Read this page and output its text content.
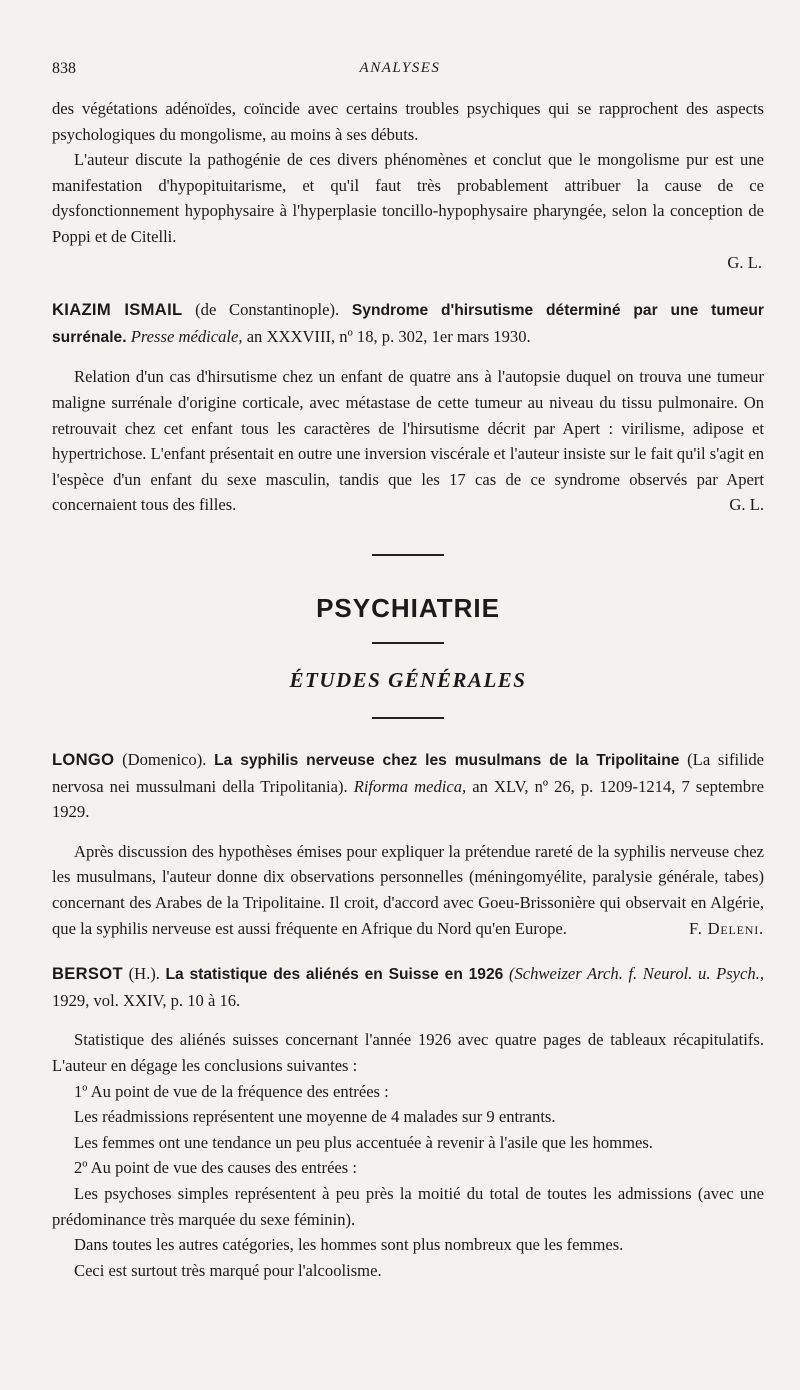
838	ANALYSES

des végétations adénoïdes, coïncide avec certains troubles psychiques qui se rapprochent des aspects psychologiques du mongolisme, au moins à ses débuts.

L'auteur discute la pathogénie de ces divers phénomènes et conclut que le mongolisme pur est une manifestation d'hypopituitarisme, et qu'il faut très probablement attribuer la cause de ce dysfonctionnement hypophysaire à l'hyperplasie toncillo-hypophysaire pharyngée, selon la conception de Poppi et de Citelli.

G. L.

KIAZIM ISMAIL (de Constantinople). Syndrome d'hirsutisme déterminé par une tumeur surrénale. Presse médicale, an XXXVIII, nº 18, p. 302, 1er mars 1930.

Relation d'un cas d'hirsutisme chez un enfant de quatre ans à l'autopsie duquel on trouva une tumeur maligne surrénale d'origine corticale, avec métastase de cette tumeur au niveau du tissu pulmonaire. On retrouvait chez cet enfant tous les caractères de l'hirsutisme décrit par Apert : virilisme, adipose et hypertrichose. L'enfant présentait en outre une inversion viscérale et l'auteur insiste sur le fait qu'il s'agit en l'espèce d'un enfant du sexe masculin, tandis que les 17 cas de ce syndrome observés par Apert concernaient tous des filles.	G. L.

PSYCHIATRIE
ÉTUDES GÉNÉRALES

LONGO (Domenico). La syphilis nerveuse chez les musulmans de la Tripolitaine (La sifilide nervosa nei mussulmani della Tripolitania). Riforma medica, an XLV, nº 26, p. 1209-1214, 7 septembre 1929.

Après discussion des hypothèses émises pour expliquer la prétendue rareté de la syphilis nerveuse chez les musulmans, l'auteur donne dix observations personnelles (méningomyélite, paralysie générale, tabes) concernant des Arabes de la Tripolitaine. Il croit, d'accord avec Goeu-Brissonière qui observait en Algérie, que la syphilis nerveuse est aussi fréquente en Afrique du Nord qu'en Europe.	F. Deleni.

BERSOT (H.). La statistique des aliénés en Suisse en 1926 (Schweizer Arch. f. Neurol. u. Psych., 1929, vol. XXIV, p. 10 à 16.

Statistique des aliénés suisses concernant l'année 1926 avec quatre pages de tableaux récapitulatifs. L'auteur en dégage les conclusions suivantes :

1º Au point de vue de la fréquence des entrées :

Les réadmissions représentent une moyenne de 4 malades sur 9 entrants.

Les femmes ont une tendance un peu plus accentuée à revenir à l'asile que les hommes.

2º Au point de vue des causes des entrées :

Les psychoses simples représentent à peu près la moitié du total de toutes les admissions (avec une prédominance très marquée du sexe féminin).

Dans toutes les autres catégories, les hommes sont plus nombreux que les femmes.

Ceci est surtout très marqué pour l'alcoolisme.
